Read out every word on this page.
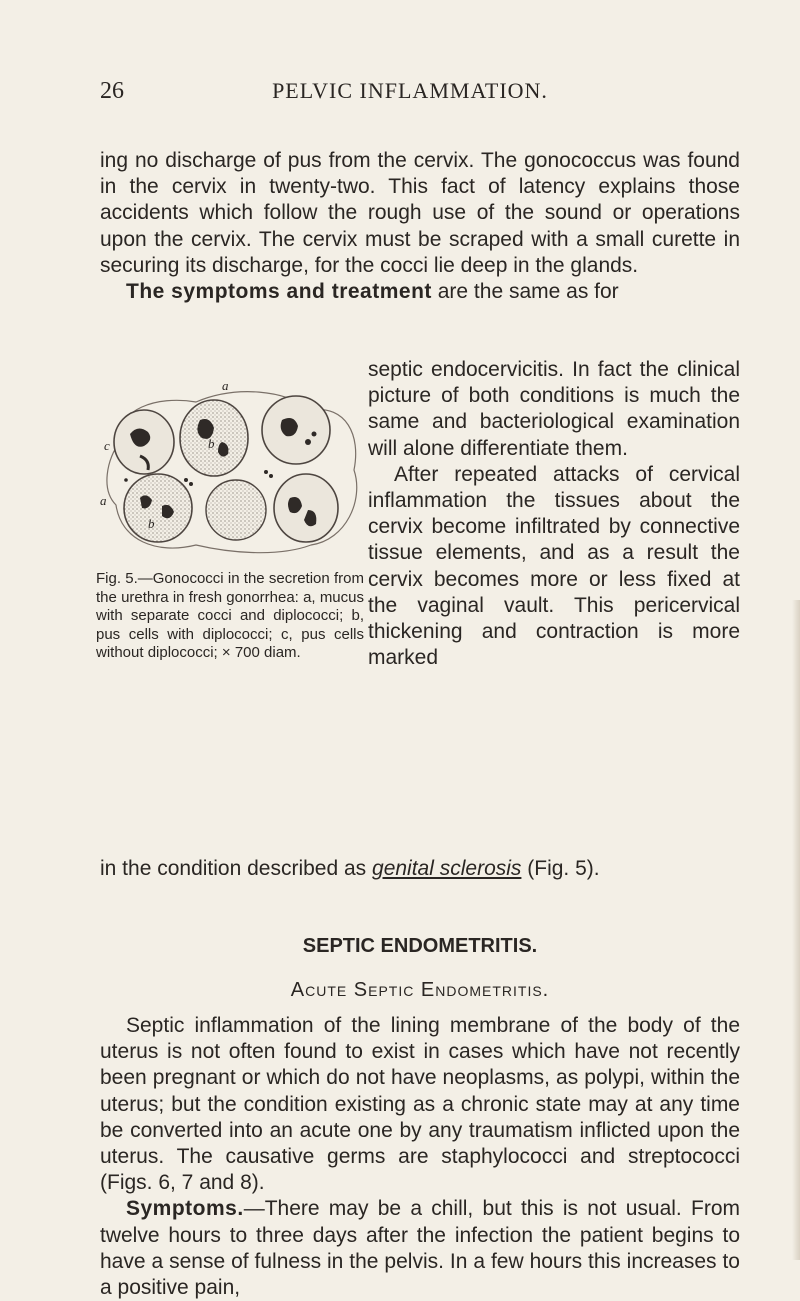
26	PELVIC INFLAMMATION.

ing no discharge of pus from the cervix. The gonococcus was found in the cervix in twenty-two. This fact of latency explains those accidents which follow the rough use of the sound or operations upon the cervix. The cervix must be scraped with a small curette in securing its discharge, for the cocci lie deep in the glands.

The symptoms and treatment are the same as for

a
b
c
a
b
Fig. 5.—Gonococci in the secretion from the urethra in fresh gonorrhea: a, mucus with separate cocci and diplococci; b, pus cells with diplococci; c, pus cells without diplococci; × 700 diam.

septic endocervicitis. In fact the clinical picture of both conditions is much the same and bacteriological examination will alone differentiate them.

After repeated attacks of cervical inflammation the tissues about the cervix become infiltrated by connective tissue elements, and as a result the cervix becomes more or less fixed at the vaginal vault. This pericervical thickening and contraction is more marked

in the condition described as genital sclerosis (Fig. 5).
SEPTIC ENDOMETRITIS.
Acute Septic Endometritis.

Septic inflammation of the lining membrane of the body of the uterus is not often found to exist in cases which have not recently been pregnant or which do not have neoplasms, as polypi, within the uterus; but the condition existing as a chronic state may at any time be converted into an acute one by any traumatism inflicted upon the uterus. The causative germs are staphylococci and streptococci (Figs. 6, 7 and 8).

Symptoms.—There may be a chill, but this is not usual. From twelve hours to three days after the infection the patient begins to have a sense of fulness in the pelvis. In a few hours this increases to a positive pain,
